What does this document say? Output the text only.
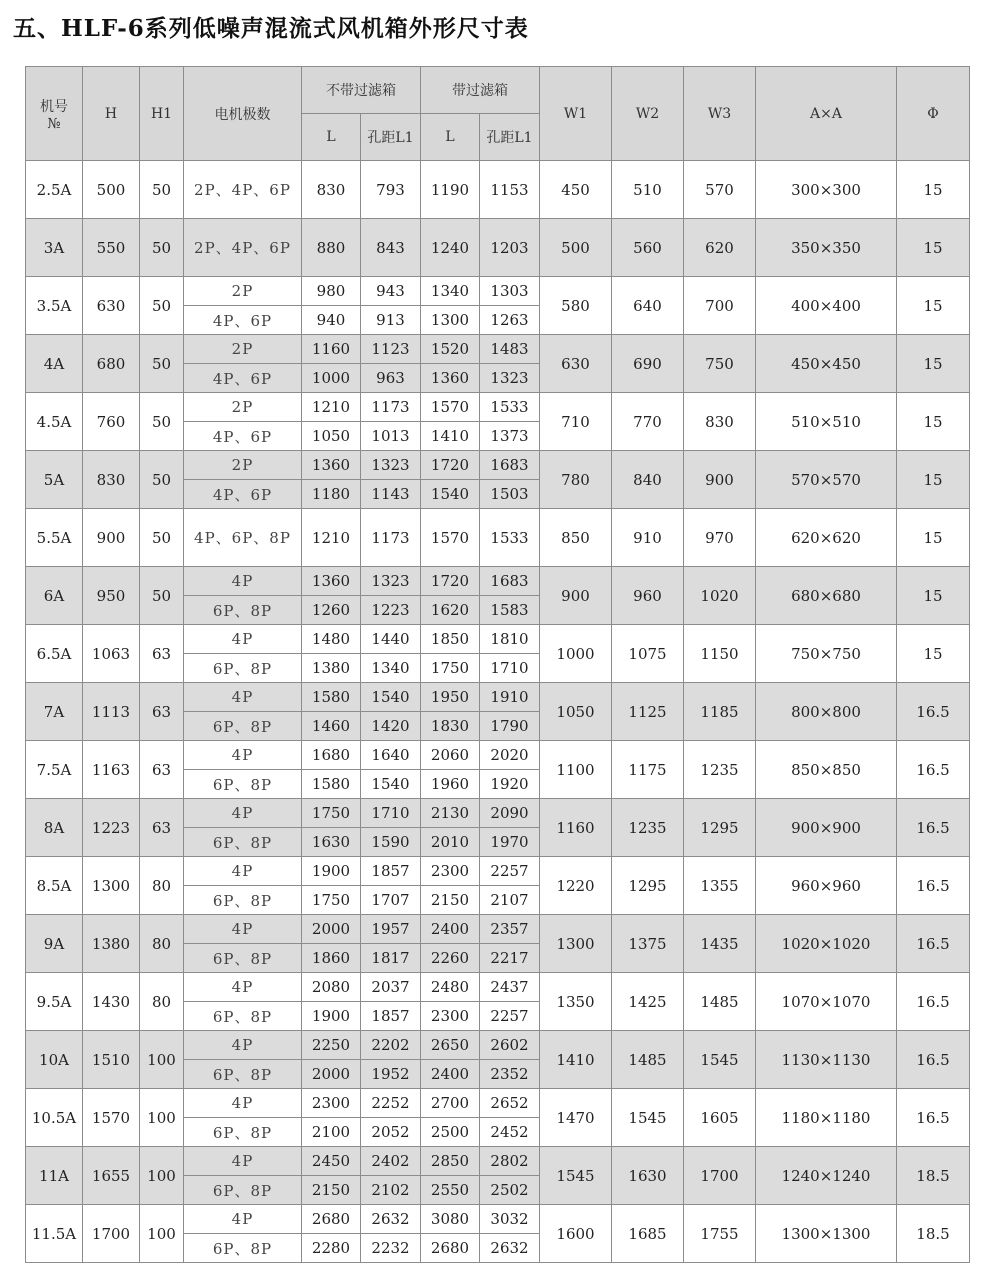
五、HLF-6系列低噪声混流式风机箱外形尺寸表
机号
№	H	H1	电机极数	不带过滤箱		带过滤箱		W1	W2	W3	A×A	Φ
				L	孔距L1	L	孔距L1					
2.5A	500	50	2P、4P、6P	830	793	1190	1153	450	510	570	300×300	15
3A	550	50	2P、4P、6P	880	843	1240	1203	500	560	620	350×350	15
3.5A	630	50	2P	980	943	1340	1303	580	640	700	400×400	15
			4P、6P	940	913	1300	1263					
4A	680	50	2P	1160	1123	1520	1483	630	690	750	450×450	15
			4P、6P	1000	963	1360	1323					
4.5A	760	50	2P	1210	1173	1570	1533	710	770	830	510×510	15
			4P、6P	1050	1013	1410	1373					
5A	830	50	2P	1360	1323	1720	1683	780	840	900	570×570	15
			4P、6P	1180	1143	1540	1503					
5.5A	900	50	4P、6P、8P	1210	1173	1570	1533	850	910	970	620×620	15
6A	950	50	4P	1360	1323	1720	1683	900	960	1020	680×680	15
			6P、8P	1260	1223	1620	1583					
6.5A	1063	63	4P	1480	1440	1850	1810	1000	1075	1150	750×750	15
			6P、8P	1380	1340	1750	1710					
7A	1113	63	4P	1580	1540	1950	1910	1050	1125	1185	800×800	16.5
			6P、8P	1460	1420	1830	1790					
7.5A	1163	63	4P	1680	1640	2060	2020	1100	1175	1235	850×850	16.5
			6P、8P	1580	1540	1960	1920					
8A	1223	63	4P	1750	1710	2130	2090	1160	1235	1295	900×900	16.5
			6P、8P	1630	1590	2010	1970					
8.5A	1300	80	4P	1900	1857	2300	2257	1220	1295	1355	960×960	16.5
			6P、8P	1750	1707	2150	2107					
9A	1380	80	4P	2000	1957	2400	2357	1300	1375	1435	1020×1020	16.5
			6P、8P	1860	1817	2260	2217					
9.5A	1430	80	4P	2080	2037	2480	2437	1350	1425	1485	1070×1070	16.5
			6P、8P	1900	1857	2300	2257					
10A	1510	100	4P	2250	2202	2650	2602	1410	1485	1545	1130×1130	16.5
			6P、8P	2000	1952	2400	2352					
10.5A	1570	100	4P	2300	2252	2700	2652	1470	1545	1605	1180×1180	16.5
			6P、8P	2100	2052	2500	2452					
11A	1655	100	4P	2450	2402	2850	2802	1545	1630	1700	1240×1240	18.5
			6P、8P	2150	2102	2550	2502					
11.5A	1700	100	4P	2680	2632	3080	3032	1600	1685	1755	1300×1300	18.5
			6P、8P	2280	2232	2680	2632					
